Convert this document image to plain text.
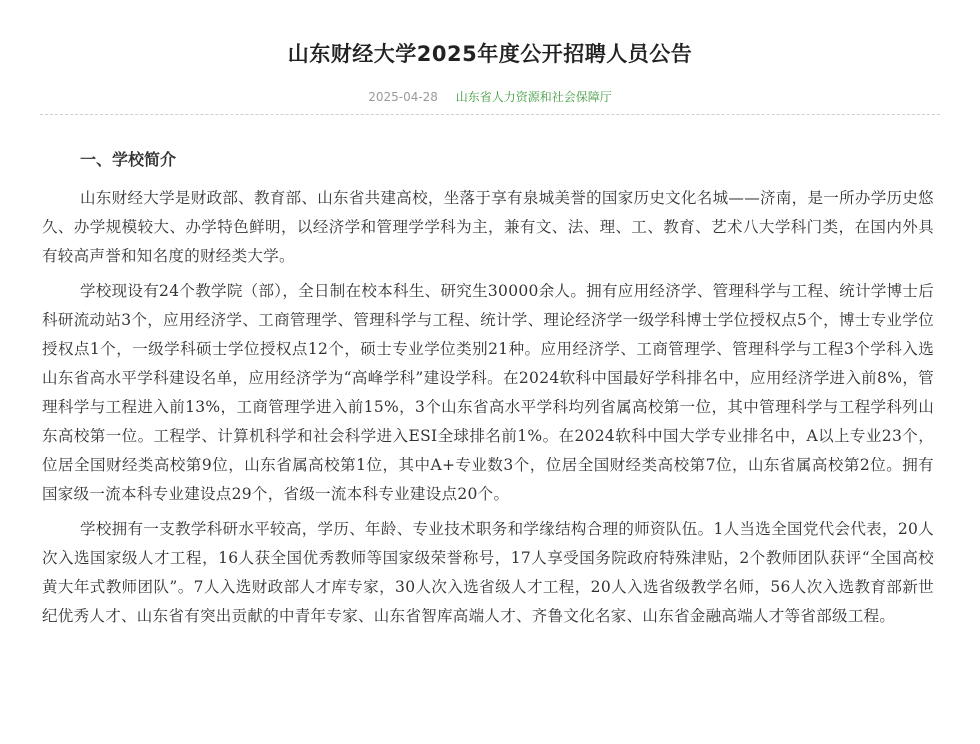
山东财经大学2025年度公开招聘人员公告
2025-04-28 山东省人力资源和社会保障厅
一、学校简介

山东财经大学是财政部、教育部、山东省共建高校，坐落于享有泉城美誉的国家历史文化名城——济南，是一所办学历史悠久、办学规模较大、办学特色鲜明，以经济学和管理学学科为主，兼有文、法、理、工、教育、艺术八大学科门类，在国内外具有较高声誉和知名度的财经类大学。

学校现设有24个教学院（部），全日制在校本科生、研究生30000余人。拥有应用经济学、管理科学与工程、统计学博士后科研流动站3个，应用经济学、工商管理学、管理科学与工程、统计学、理论经济学一级学科博士学位授权点5个，博士专业学位授权点1个，一级学科硕士学位授权点12个，硕士专业学位类别21种。应用经济学、工商管理学、管理科学与工程3个学科入选山东省高水平学科建设名单，应用经济学为“高峰学科”建设学科。在2024软科中国最好学科排名中，应用经济学进入前8%，管理科学与工程进入前13%，工商管理学进入前15%，3个山东省高水平学科均列省属高校第一位，其中管理科学与工程学科列山东高校第一位。工程学、计算机科学和社会科学进入ESI全球排名前1%。在2024软科中国大学专业排名中，A以上专业23个，位居全国财经类高校第9位，山东省属高校第1位，其中A+专业数3个，位居全国财经类高校第7位，山东省属高校第2位。拥有国家级一流本科专业建设点29个，省级一流本科专业建设点20个。

学校拥有一支教学科研水平较高，学历、年龄、专业技术职务和学缘结构合理的师资队伍。1人当选全国党代会代表，20人次入选国家级人才工程，16人获全国优秀教师等国家级荣誉称号，17人享受国务院政府特殊津贴，2个教师团队获评“全国高校黄大年式教师团队”。7人入选财政部人才库专家，30人次入选省级人才工程，20人入选省级教学名师，56人次入选教育部新世纪优秀人才、山东省有突出贡献的中青年专家、山东省智库高端人才、齐鲁文化名家、山东省金融高端人才等省部级工程。
